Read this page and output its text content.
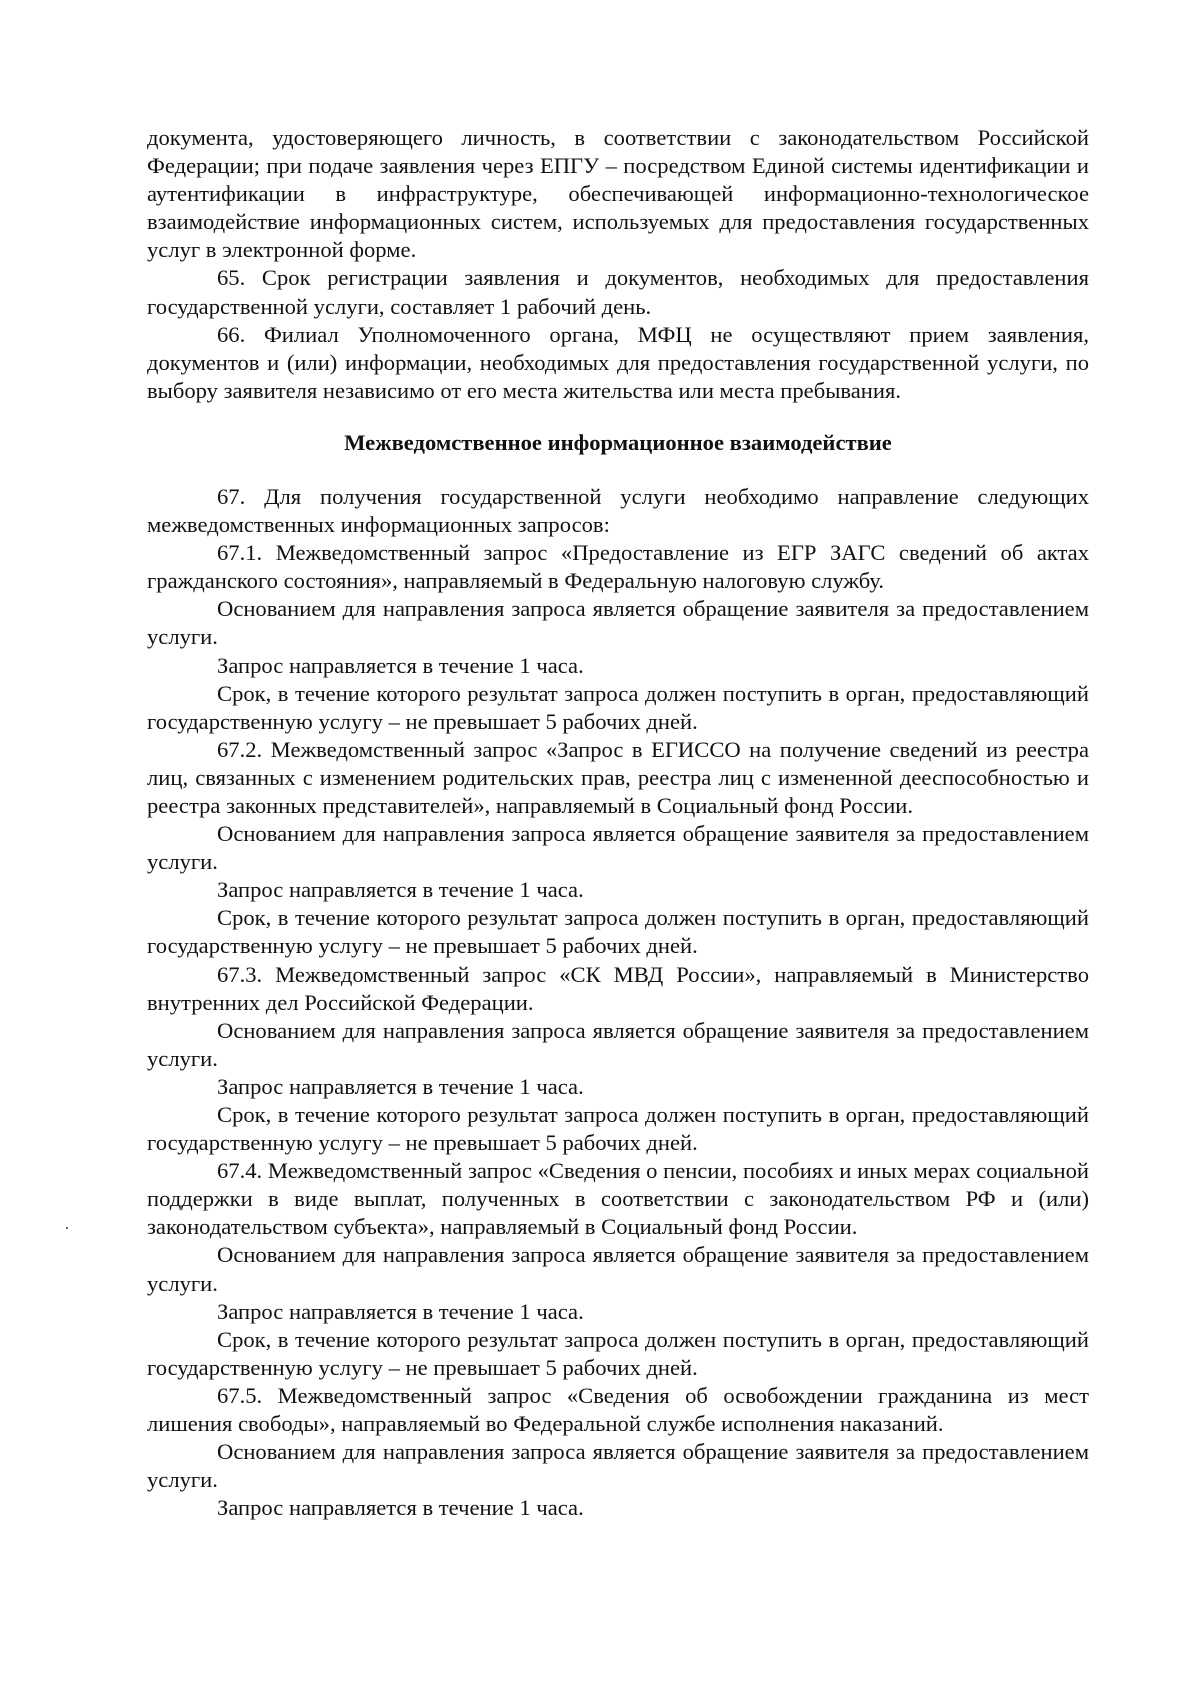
документа, удостоверяющего личность, в соответствии с законодательством Российской Федерации; при подаче заявления через ЕПГУ – посредством Единой системы идентификации и аутентификации в инфраструктуре, обеспечивающей информационно-технологическое взаимодействие информационных систем, используемых для предоставления государственных услуг в электронной форме.

65. Срок регистрации заявления и документов, необходимых для предоставления государственной услуги, составляет 1 рабочий день.

66. Филиал Уполномоченного органа, МФЦ не осуществляют прием заявления, документов и (или) информации, необходимых для предоставления государственной услуги, по выбору заявителя независимо от его места жительства или места пребывания.

Межведомственное информационное взаимодействие

67. Для получения государственной услуги необходимо направление следующих межведомственных информационных запросов:

67.1. Межведомственный запрос «Предоставление из ЕГР ЗАГС сведений об актах гражданского состояния», направляемый в Федеральную налоговую службу.

Основанием для направления запроса является обращение заявителя за предоставлением услуги.

Запрос направляется в течение 1 часа.

Срок, в течение которого результат запроса должен поступить в орган, предоставляющий государственную услугу – не превышает 5 рабочих дней.

67.2. Межведомственный запрос «Запрос в ЕГИССО на получение сведений из реестра лиц, связанных с изменением родительских прав, реестра лиц с измененной дееспособностью и реестра законных представителей», направляемый в Социальный фонд России.

Основанием для направления запроса является обращение заявителя за предоставлением услуги.

Запрос направляется в течение 1 часа.

Срок, в течение которого результат запроса должен поступить в орган, предоставляющий государственную услугу – не превышает 5 рабочих дней.

67.3. Межведомственный запрос «СК МВД России», направляемый в Министерство внутренних дел Российской Федерации.

Основанием для направления запроса является обращение заявителя за предоставлением услуги.

Запрос направляется в течение 1 часа.

Срок, в течение которого результат запроса должен поступить в орган, предоставляющий государственную услугу – не превышает 5 рабочих дней.

67.4. Межведомственный запрос «Сведения о пенсии, пособиях и иных мерах социальной поддержки в виде выплат, полученных в соответствии с законодательством РФ и (или) законодательством субъекта», направляемый в Социальный фонд России.

Основанием для направления запроса является обращение заявителя за предоставлением услуги.

Запрос направляется в течение 1 часа.

Срок, в течение которого результат запроса должен поступить в орган, предоставляющий государственную услугу – не превышает 5 рабочих дней.

67.5. Межведомственный запрос «Сведения об освобождении гражданина из мест лишения свободы», направляемый во Федеральной службе исполнения наказаний.

Основанием для направления запроса является обращение заявителя за предоставлением услуги.

Запрос направляется в течение 1 часа.
